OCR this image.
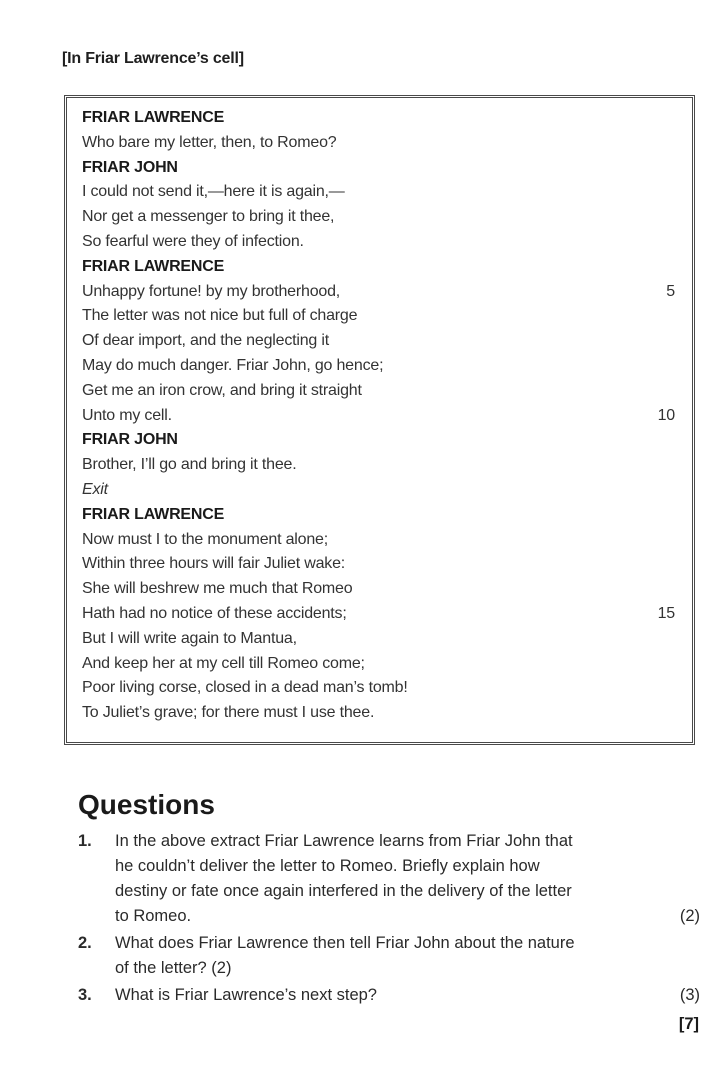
[In Friar Lawrence’s cell]
FRIAR LAWRENCE
Who bare my letter, then, to Romeo?
FRIAR JOHN
I could not send it,—here it is again,—
Nor get a messenger to bring it thee,
So fearful were they of infection.
FRIAR LAWRENCE
Unhappy fortune! by my brotherhood,	5
The letter was not nice but full of charge
Of dear import, and the neglecting it
May do much danger. Friar John, go hence;
Get me an iron crow, and bring it straight
Unto my cell.	10
FRIAR JOHN
Brother, I’ll go and bring it thee.
Exit
FRIAR LAWRENCE
Now must I to the monument alone;
Within three hours will fair Juliet wake:
She will beshrew me much that Romeo
Hath had no notice of these accidents;	15
But I will write again to Mantua,
And keep her at my cell till Romeo come;
Poor living corse, closed in a dead man’s tomb!
To Juliet’s grave; for there must I use thee.
Questions
1. In the above extract Friar Lawrence learns from Friar John that
he couldn’t deliver the letter to Romeo. Briefly explain how
destiny or fate once again interfered in the delivery of the letter
to Romeo.	(2)
2. What does Friar Lawrence then tell Friar John about the nature
of the letter? (2)
3. What is Friar Lawrence’s next step?	(3)
[7]
